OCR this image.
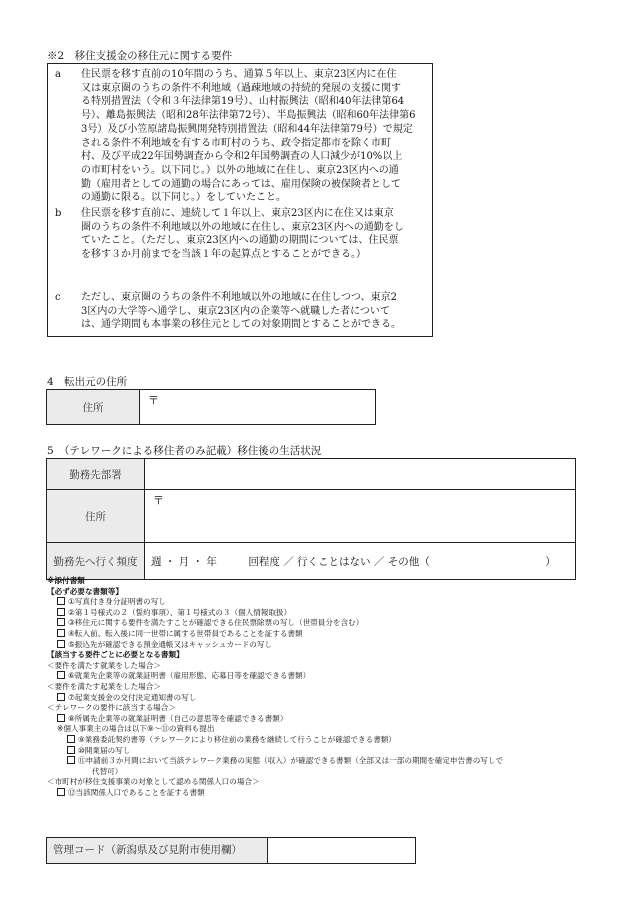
※2　移住支援金の移住元に関する要件
a 住民票を移す直前の10年間のうち、通算５年以上、東京23区内に在住
又は東京圏のうちの条件不利地域（過疎地域の持続的発展の支援に関す
る特別措置法（令和３年法律第19号）、山村振興法（昭和40年法律第64
号）、離島振興法（昭和28年法律第72号）、半島振興法（昭和60年法律第6
3号）及び小笠原諸島振興開発特別措置法（昭和44年法律第79号）で規定
される条件不利地域を有する市町村のうち、政令指定都市を除く市町
村、及び平成22年国勢調査から令和2年国勢調査の人口減少が10%以上
の市町村をいう。以下同じ。）以外の地域に在住し、東京23区内への通
勤（雇用者としての通勤の場合にあっては、雇用保険の被保険者として
の通勤に限る。以下同じ。）をしていたこと。
b 住民票を移す直前に、連続して１年以上、東京23区内に在住又は東京
圏のうちの条件不利地域以外の地域に在住し、東京23区内への通勤をし
ていたこと。（ただし、東京23区内への通勤の期間については、住民票
を移す３か月前までを当該１年の起算点とすることができる。）
c ただし、東京圏のうちの条件不利地域以外の地域に在住しつつ、東京2
3区内の大学等へ通学し、東京23区内の企業等へ就職した者について
は、通学期間も本事業の移住元としての対象期間とすることができる。
4　転出元の住所
住所	〒
5　（テレワークによる移住者のみ記載）移住後の生活状況
勤務先部署	
住所	〒
勤務先へ行く頻度	週 ・ 月 ・ 年　　　回程度 ／ 行くことはない ／ その他（　　　　　　　　　　　）
※添付書類
【必ず必要な書類等】
①写真付き身分証明書の写し
②第１号様式の２（誓約事項）、第１号様式の３（個人情報取扱）
③移住元に関する要件を満たすことが確認できる住民票除票の写し（世帯員分を含む）
④転入前、転入後に同一世帯に属する世帯員であることを証する書類
⑤振込先が確認できる預金通帳又はキャッシュカードの写し
【該当する要件ごとに必要となる書類】
＜要件を満たす就業をした場合＞
⑥就業先企業等の就業証明書（雇用形態、応募日等を確認できる書類）
＜要件を満たす起業をした場合＞
⑦起業支援金の交付決定通知書の写し
＜テレワークの要件に該当する場合＞
⑧所属先企業等の就業証明書（自己の意思等を確認できる書類）
※個人事業主の場合は以下⑨～⑪の資料も提出
⑨業務委託契約書等（テレワークにより移住前の業務を継続して行うことが確認できる書類）
⑩開業届の写し
⑪申請前３か月間において当該テレワーク業務の実態（収入）が確認できる書類（全部又は一部の期間を確定申告書の写しで
代替可）
＜市町村が移住支援事業の対象として認める関係人口の場合＞
⑫当該関係人口であることを証する書類
管理コード（新潟県及び見附市使用欄）
